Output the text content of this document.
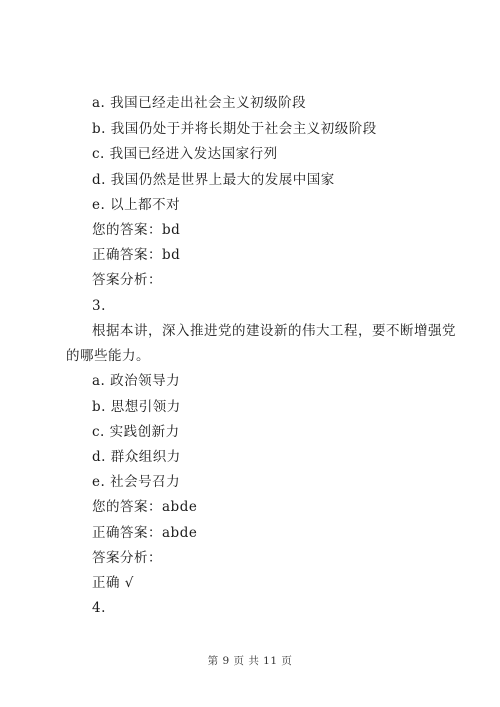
a. 我国已经走出社会主义初级阶段
b. 我国仍处于并将长期处于社会主义初级阶段
c. 我国已经进入发达国家行列
d. 我国仍然是世界上最大的发展中国家
e. 以上都不对
您的答案：bd
正确答案：bd
答案分析：
3.
根据本讲，深入推进党的建设新的伟大工程，要不断增强党
的哪些能力。
a. 政治领导力
b. 思想引领力
c. 实践创新力
d. 群众组织力
e. 社会号召力
您的答案：abde
正确答案：abde
答案分析：
正确 √
4.
第 9 页 共 11 页
